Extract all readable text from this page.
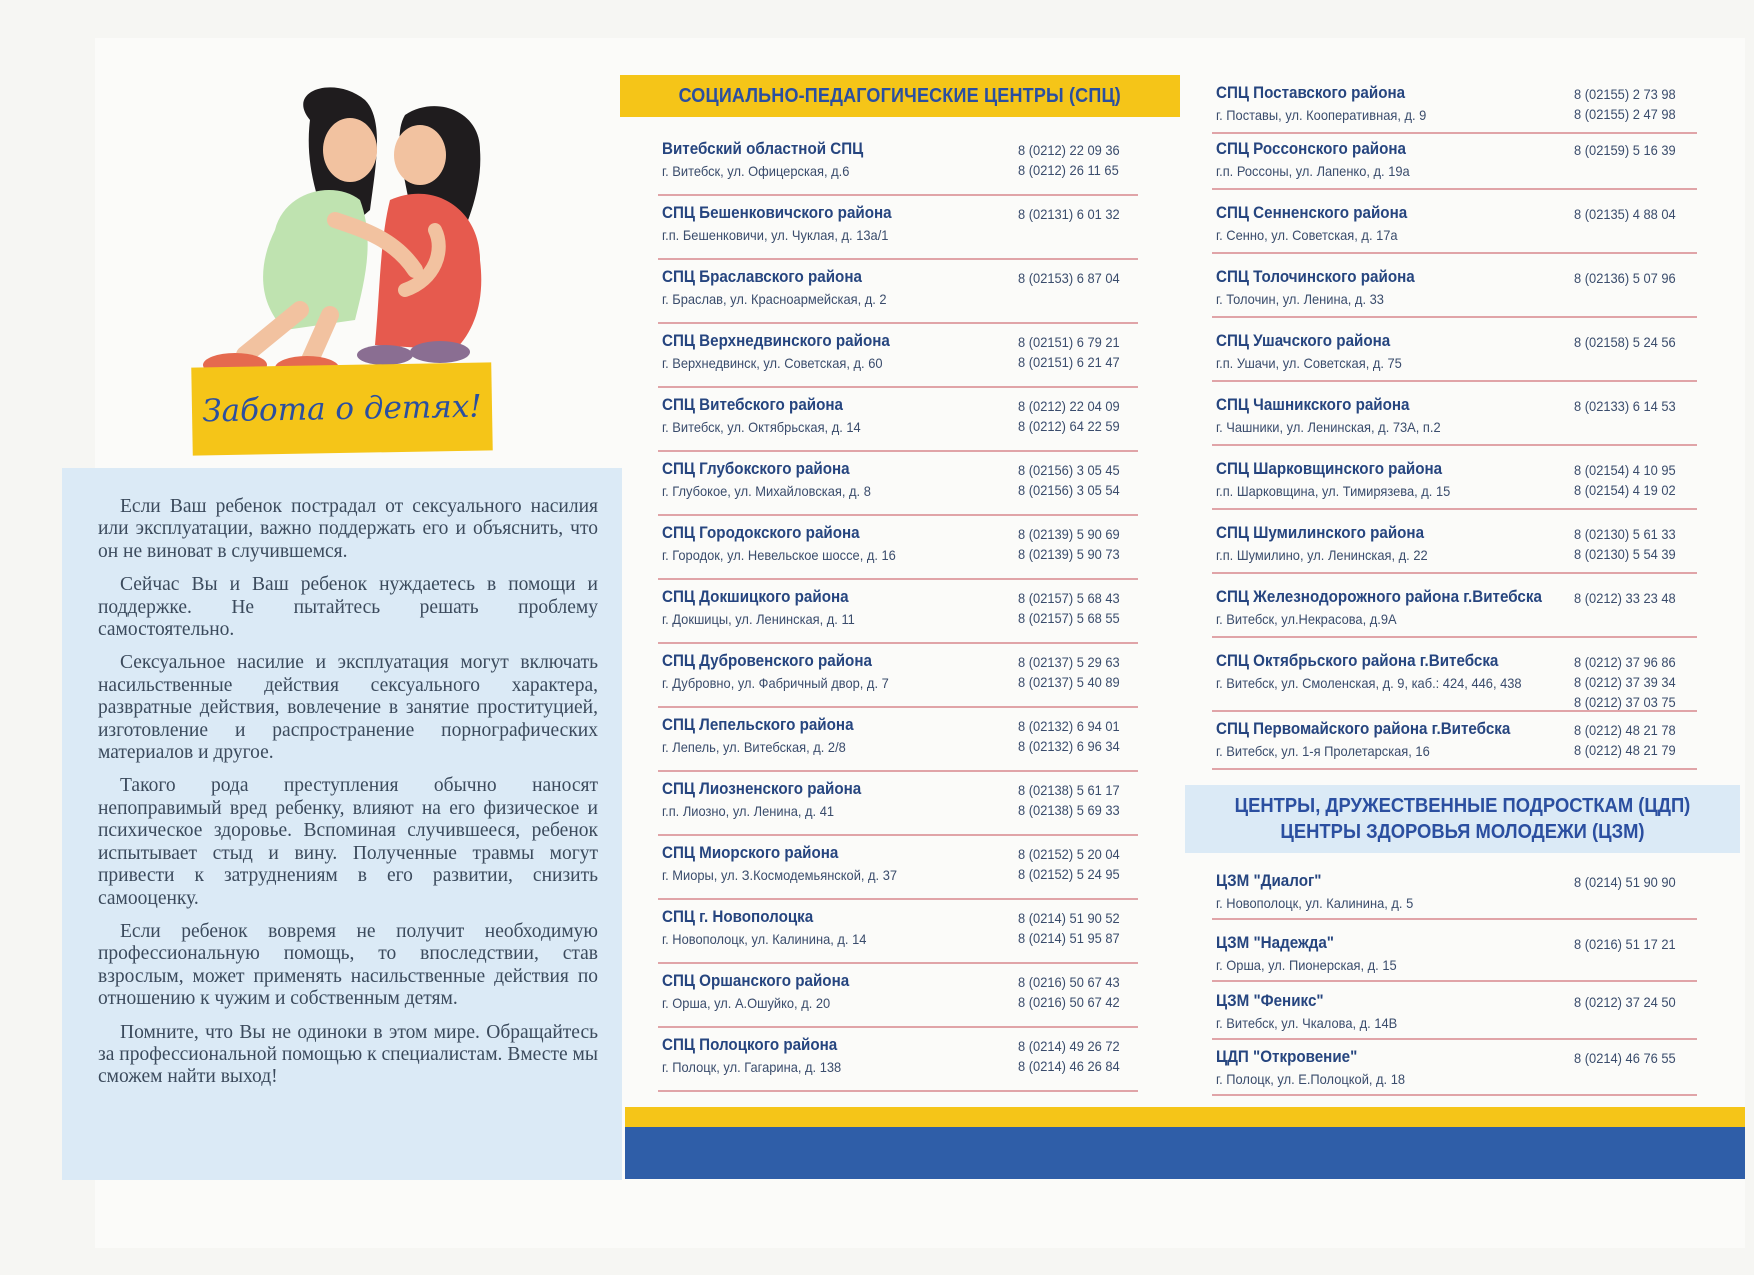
Забота о детях!

Если Ваш ребенок пострадал от сексуального насилия или эксплуатации, важно поддержать его и объяснить, что он не виноват в случившемся.

Сейчас Вы и Ваш ребенок нуждаетесь в помощи и поддержке. Не пытайтесь решать проблему самостоятельно.

Сексуальное насилие и эксплуатация могут включать насильственные действия сексуального характера, развратные действия, вовлечение в занятие проституцией, изготовление и распространение порнографических материалов и другое.

Такого рода преступления обычно наносят непоправимый вред ребенку, влияют на его физическое и психическое здоровье. Вспоминая случившееся, ребенок испытывает стыд и вину. Полученные травмы могут привести к затруднениям в его развитии, снизить самооценку.

Если ребенок вовремя не получит необходимую профессиональную помощь, то впоследствии, став взрослым, может применять насильственные действия по отношению к чужим и собственным детям.

Помните, что Вы не одиноки в этом мире. Обращайтесь за профессиональной помощью к специалистам. Вместе мы сможем найти выход!

СОЦИАЛЬНО-ПЕДАГОГИЧЕСКИЕ ЦЕНТРЫ (СПЦ)
Витебский областной СПЦ
г. Витебск, ул. Офицерская, д.6
8 (0212) 22 09 36
8 (0212) 26 11 65
СПЦ Бешенковичского района
г.п. Бешенковичи, ул. Чуклая, д. 13а/1
8 (02131) 6 01 32
СПЦ Браславского района
г. Браслав, ул. Красноармейская, д. 2
8 (02153) 6 87 04
СПЦ Верхнедвинского района
г. Верхнедвинск, ул. Советская, д. 60
8 (02151) 6 79 21
8 (02151) 6 21 47
СПЦ Витебского района
г. Витебск, ул. Октябрьская, д. 14
8 (0212) 22 04 09
8 (0212) 64 22 59
СПЦ Глубокского района
г. Глубокое, ул. Михайловская, д. 8
8 (02156) 3 05 45
8 (02156) 3 05 54
СПЦ Городокского района
г. Городок, ул. Невельское шоссе, д. 16
8 (02139) 5 90 69
8 (02139) 5 90 73
СПЦ Докшицкого района
г. Докшицы, ул. Ленинская, д. 11
8 (02157) 5 68 43
8 (02157) 5 68 55
СПЦ Дубровенского района
г. Дубровно, ул. Фабричный двор, д. 7
8 (02137) 5 29 63
8 (02137) 5 40 89
СПЦ Лепельского района
г. Лепель, ул. Витебская, д. 2/8
8 (02132) 6 94 01
8 (02132) 6 96 34
СПЦ Лиозненского района
г.п. Лиозно, ул. Ленина, д. 41
8 (02138) 5 61 17
8 (02138) 5 69 33
СПЦ Миорского района
г. Миоры, ул. З.Космодемьянской, д. 37
8 (02152) 5 20 04
8 (02152) 5 24 95
СПЦ г. Новополоцка
г. Новополоцк, ул. Калинина, д. 14
8 (0214) 51 90 52
8 (0214) 51 95 87
СПЦ Оршанского района
г. Орша, ул. А.Ошуйко, д. 20
8 (0216) 50 67 43
8 (0216) 50 67 42
СПЦ Полоцкого района
г. Полоцк, ул. Гагарина, д. 138
8 (0214) 49 26 72
8 (0214) 46 26 84
СПЦ Поставского района
г. Поставы, ул. Кооперативная, д. 9
8 (02155) 2 73 98
8 (02155) 2 47 98
СПЦ Россонского района
г.п. Россоны, ул. Лапенко, д. 19а
8 (02159) 5 16 39
СПЦ Сенненского района
г. Сенно, ул. Советская, д. 17а
8 (02135) 4 88 04
СПЦ Толочинского района
г. Толочин, ул. Ленина, д. 33
8 (02136) 5 07 96
СПЦ Ушачского района
г.п. Ушачи, ул. Советская, д. 75
8 (02158) 5 24 56
СПЦ Чашникского района
г. Чашники, ул. Ленинская, д. 73А, п.2
8 (02133) 6 14 53
СПЦ Шарковщинского района
г.п. Шарковщина, ул. Тимирязева, д. 15
8 (02154) 4 10 95
8 (02154) 4 19 02
СПЦ Шумилинского района
г.п. Шумилино, ул. Ленинская, д. 22
8 (02130) 5 61 33
8 (02130) 5 54 39
СПЦ Железнодорожного района г.Витебска
г. Витебск, ул.Некрасова, д.9А
8 (0212) 33 23 48
СПЦ Октябрьского района г.Витебска
г. Витебск, ул. Смоленская, д. 9, каб.: 424, 446, 438
8 (0212) 37 96 86
8 (0212) 37 39 34
8 (0212) 37 03 75
СПЦ Первомайского района г.Витебска
г. Витебск, ул. 1-я Пролетарская, 16
8 (0212) 48 21 78
8 (0212) 48 21 79
ЦЕНТРЫ, ДРУЖЕСТВЕННЫЕ ПОДРОСТКАМ (ЦДП)
ЦЕНТРЫ ЗДОРОВЬЯ МОЛОДЕЖИ (ЦЗМ)
ЦЗМ "Диалог"
г. Новополоцк, ул. Калинина, д. 5
8 (0214) 51 90 90
ЦЗМ "Надежда"
г. Орша, ул. Пионерская, д. 15
8 (0216) 51 17 21
ЦЗМ "Феникс"
г. Витебск, ул. Чкалова, д. 14В
8 (0212) 37 24 50
ЦДП "Откровение"
г. Полоцк, ул. Е.Полоцкой, д. 18
8 (0214) 46 76 55
